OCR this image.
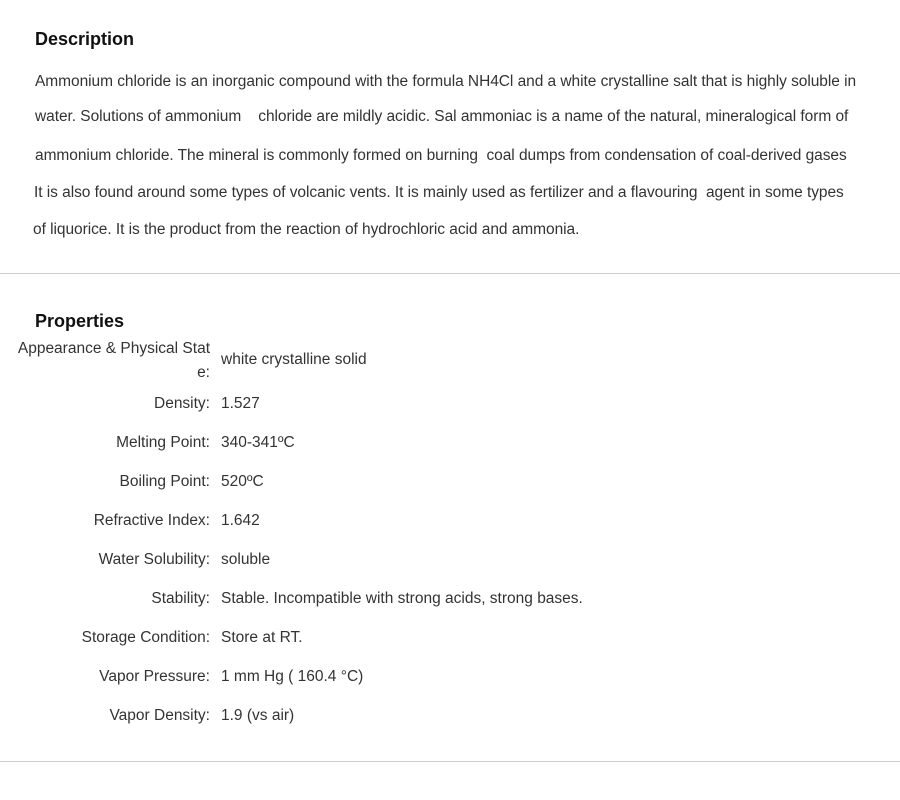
Description
Ammonium chloride is an inorganic compound with the formula NH4Cl and a white crystalline salt that is highly soluble in
water. Solutions of ammonium    chloride are mildly acidic. Sal ammoniac is a name of the natural, mineralogical form of
ammonium chloride. The mineral is commonly formed on burning  coal dumps from condensation of coal-derived gases
It is also found around some types of volcanic vents. It is mainly used as fertilizer and a flavouring  agent in some types
of liquorice. It is the product from the reaction of hydrochloric acid and ammonia.
Properties
Appearance & Physical State:
white crystalline solid
Density: 1.527
Melting Point: 340-341ºC
Boiling Point: 520ºC
Refractive Index: 1.642
Water Solubility: soluble
Stability: Stable. Incompatible with strong acids, strong bases.
Storage Condition: Store at RT.
Vapor Pressure: 1 mm Hg ( 160.4 °C)
Vapor Density: 1.9 (vs air)
